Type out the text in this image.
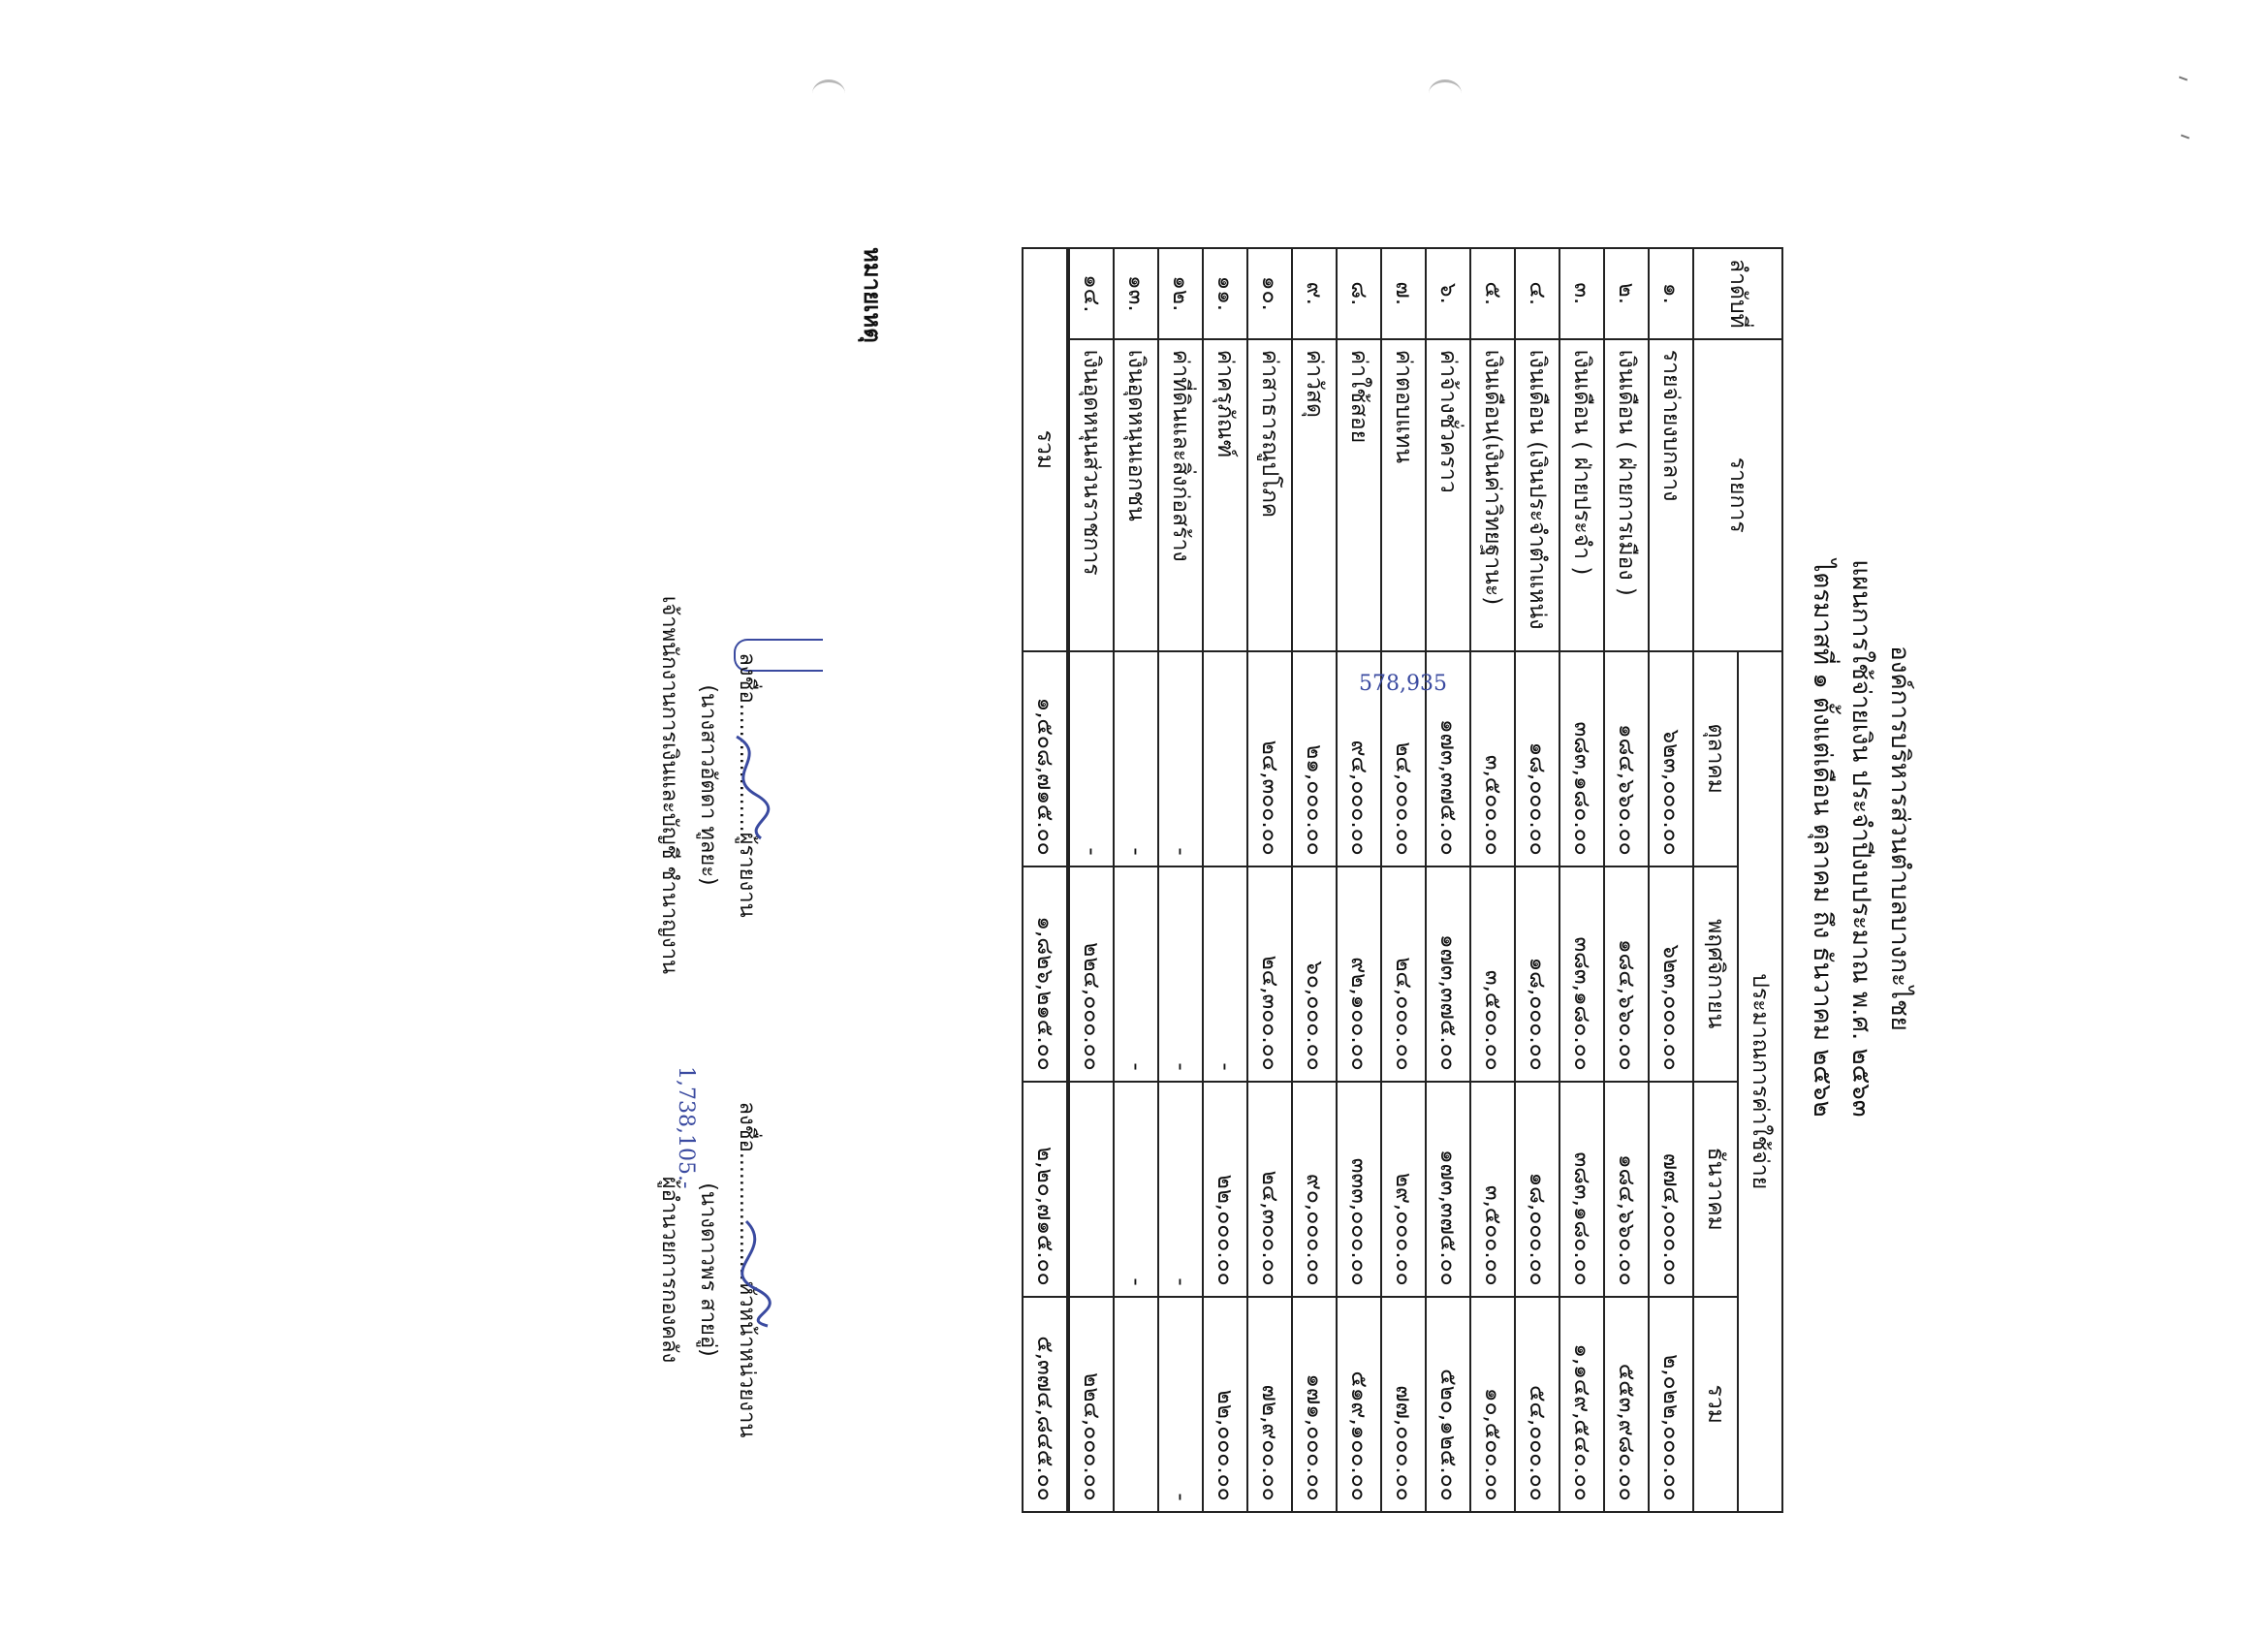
องค์การบริหารส่วนตำบลบางกะไชย
แผนการใช้จ่ายเงิน ประจำปีงบประมาณ พ.ศ. ๒๕๖๓
ไตรมาสที่ ๑ ตั้งแต่เดือน ตุลาคม ถึง ธันวาคม ๒๕๖๒
ลำดับที่	รายการ	ประมาณการค่าใช้จ่าย			
		ตุลาคม	พฤศจิกายน	ธันวาคม	รวม
๑.	รายจ่ายงบกลาง	๖๒๓,๐๐๐.๐๐	๖๒๓,๐๐๐.๐๐	๗๗๔,๐๐๐.๐๐	๒,๐๒๒,๐๐๐.๐๐
๒.	เงินเดือน ( ฝ่ายการเมือง )	๑๘๔,๖๖๐.๐๐	๑๘๔,๖๖๐.๐๐	๑๘๔,๖๖๐.๐๐	๕๕๓,๙๘๐.๐๐
๓.	เงินเดือน ( ฝ่ายประจำ )	๓๘๓,๑๘๐.๐๐	๓๘๓,๑๘๐.๐๐	๓๘๓,๑๘๐.๐๐	๑,๑๔๙,๕๔๐.๐๐
๔.	เงินเดือน (เงินประจำตำแหน่ง	๑๘,๐๐๐.๐๐	๑๘,๐๐๐.๐๐	๑๘,๐๐๐.๐๐	๕๔,๐๐๐.๐๐
๕.	เงินเดือน(เงินค่าวิทยฐานะ)	๓,๕๐๐.๐๐	๓,๕๐๐.๐๐	๓,๕๐๐.๐๐	๑๐,๕๐๐.๐๐
๖.	ค่าจ้างชั่วคราว	๑๗๓,๓๗๕.๐๐	๑๗๓,๓๗๕.๐๐	๑๗๓,๓๗๕.๐๐	๕๒๐,๑๒๕.๐๐
๗.	ค่าตอบแทน	๒๔,๐๐๐.๐๐	๒๔,๐๐๐.๐๐	๒๙,๐๐๐.๐๐	๗๗,๐๐๐.๐๐
๘.	ค่าใช้สอย	๙๔,๐๐๐.๐๐	๙๒,๑๐๐.๐๐	๓๓๓,๐๐๐.๐๐	๕๑๙,๑๐๐.๐๐
๙.	ค่าวัสดุ	๒๑,๐๐๐.๐๐	๖๐,๐๐๐.๐๐	๙๐,๐๐๐.๐๐	๑๗๑,๐๐๐.๐๐
๑๐.	ค่าสาธารณูปโภค	๒๔,๓๐๐.๐๐	๒๔,๓๐๐.๐๐	๒๔,๓๐๐.๐๐	๗๒,๙๐๐.๐๐
๑๑.	ค่าครุภัณฑ์		-	๒๒,๐๐๐.๐๐	๒๒,๐๐๐.๐๐
๑๒.	ค่าที่ดินและสิ่งก่อสร้าง	-	-	-	-
๑๓.	เงินอุดหนุนเอกชน	-	-	-	
๑๔.	เงินอุดหนุนส่วนราชการ	-	๒๒๔,๐๐๐.๐๐		๒๒๔,๐๐๐.๐๐
รวม		๑,๕๐๘,๗๑๕.๐๐	๑,๘๒๖,๒๑๕.๐๐	๒,๒๐,๗๑๕.๐๐	๕,๓๗๔,๘๔๕.๐๐
578,935
1,738,105.-
หมายเหตุ
ลงชื่อ...................ผู้รายงาน
(นางสาวอัตดา ทูลยะ)
เจ้าพนักงานการเงินและบัญชี ชำนาญงาน
ลงชื่อ...................หัวหน้าหน่วยงาน
(นางดาวพร สายอู่)
ผู้อำนวยการกองคลัง
